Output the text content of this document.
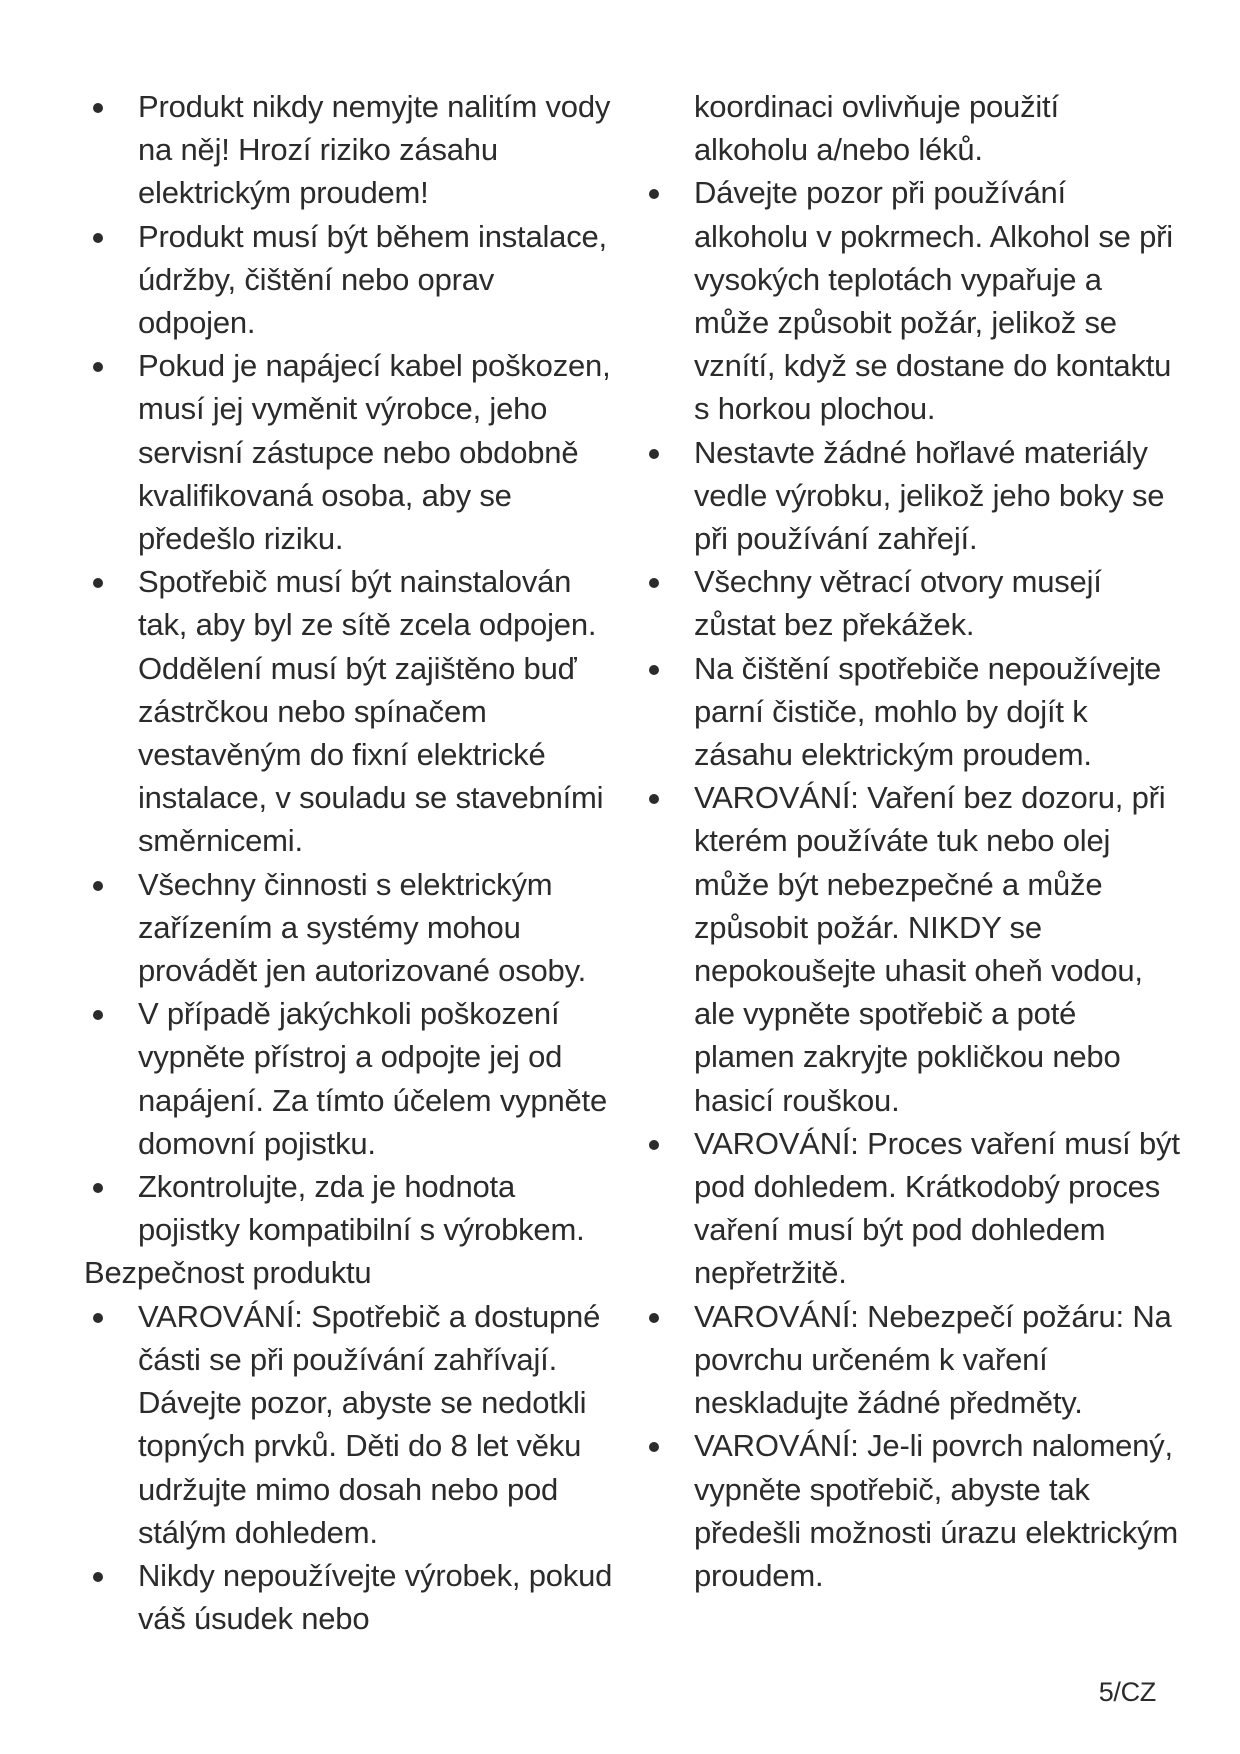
Produkt nikdy nemyjte nalitím vody na něj! Hrozí riziko zásahu elektrickým proudem!
Produkt musí být během instalace, údržby, čištění nebo oprav odpojen.
Pokud je napájecí kabel poškozen, musí jej vyměnit výrobce, jeho servisní zástupce nebo obdobně kvalifikovaná osoba, aby se předešlo riziku.
Spotřebič musí být nainstalován tak, aby byl ze sítě zcela odpojen. Oddělení musí být zajištěno buď zástrčkou nebo spínačem vestavěným do fixní elektrické instalace, v souladu se stavebními směrnicemi.
Všechny činnosti s elektrickým zařízením a systémy mohou provádět jen autorizované osoby.
V případě jakýchkoli poškození vypněte přístroj a odpojte jej od napájení. Za tímto účelem vypněte domovní pojistku.
Zkontrolujte, zda je hodnota pojistky kompatibilní s výrobkem.
Bezpečnost produktu
VAROVÁNÍ: Spotřebič a dostupné části se při používání zahřívají. Dávejte pozor, abyste se nedotkli topných prvků. Děti do 8 let věku udržujte mimo dosah nebo pod stálým dohledem.
Nikdy nepoužívejte výrobek, pokud váš úsudek nebo
koordinaci ovlivňuje použití alkoholu a/nebo léků.
Dávejte pozor při používání alkoholu v pokrmech. Alkohol se při vysokých teplotách vypařuje a může způsobit požár, jelikož se vznítí, když se dostane do kontaktu s horkou plochou.
Nestavte žádné hořlavé materiály vedle výrobku, jelikož jeho boky se při používání zahřejí.
Všechny větrací otvory musejí zůstat bez překážek.
Na čištění spotřebiče nepoužívejte parní čističe, mohlo by dojít k zásahu elektrickým proudem.
VAROVÁNÍ: Vaření bez dozoru, při kterém používáte tuk nebo olej může být nebezpečné a může způsobit požár. NIKDY se nepokoušejte uhasit oheň vodou, ale vypněte spotřebič a poté plamen zakryjte pokličkou nebo hasicí rouškou.
VAROVÁNÍ: Proces vaření musí být pod dohledem. Krátkodobý proces vaření musí být pod dohledem nepřetržitě.
VAROVÁNÍ: Nebezpečí požáru: Na povrchu určeném k vaření neskladujte žádné předměty.
VAROVÁNÍ: Je-li povrch nalomený, vypněte spotřebič, abyste tak předešli možnosti úrazu elektrickým proudem.
5/CZ
